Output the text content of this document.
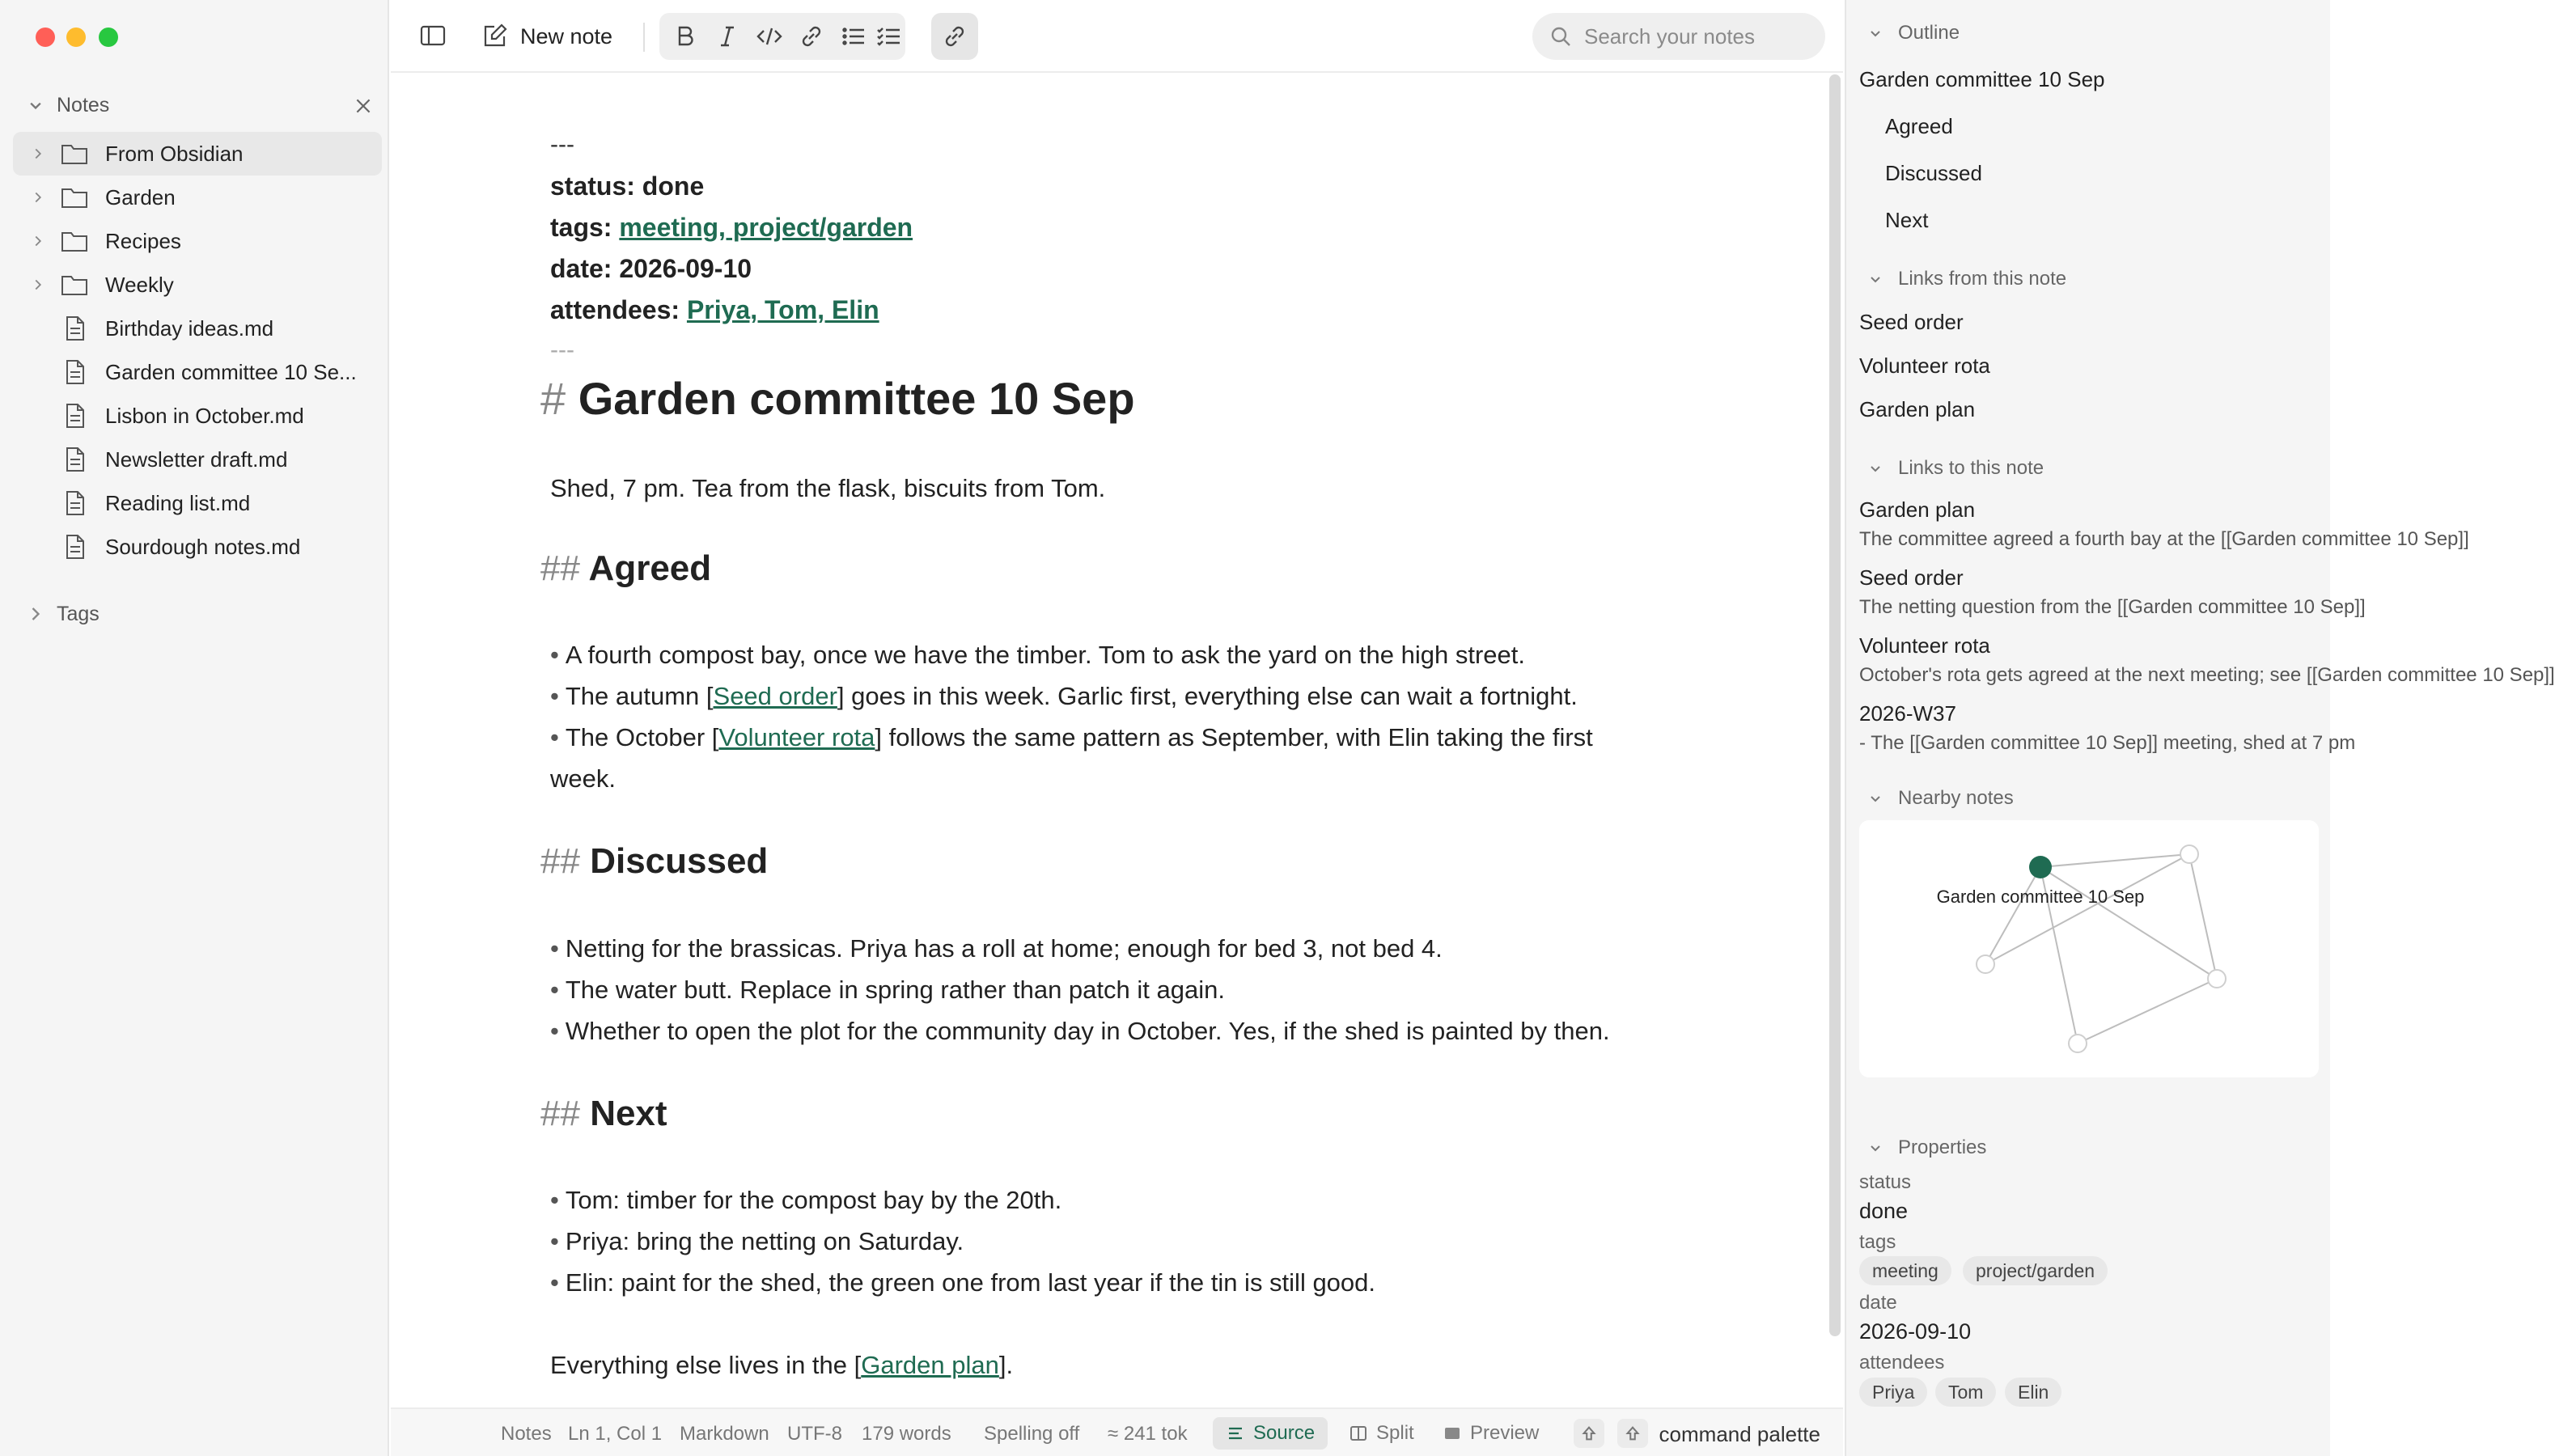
Notes
From Obsidian
Garden
Recipes
Weekly
Birthday ideas.md
Garden committee 10 Se...
Lisbon in October.md
Newsletter draft.md
Reading list.md
Sourdough notes.md
Tags
New note
Search your notes
---
status: done
tags: meeting, project/garden
date: 2026-09-10
attendees: Priya, Tom, Elin
---
# Garden committee 10 Sep
Shed, 7 pm. Tea from the flask, biscuits from Tom.
## Agreed
• A fourth compost bay, once we have the timber. Tom to ask the yard on the high street.
• The autumn [Seed order] goes in this week. Garlic first, everything else can wait a fortnight.
• The October [Volunteer rota] follows the same pattern as September, with Elin taking the first
week.
## Discussed
• Netting for the brassicas. Priya has a roll at home; enough for bed 3, not bed 4.
• The water butt. Replace in spring rather than patch it again.
• Whether to open the plot for the community day in October. Yes, if the shed is painted by then.
## Next
• Tom: timber for the compost bay by the 20th.
• Priya: bring the netting on Saturday.
• Elin: paint for the shed, the green one from last year if the tin is still good.
Everything else lives in the [Garden plan].
Notes Ln 1, Col 1 Markdown UTF-8 179 words Spelling off ≈ 241 tok	Source	Split	Preview	command palette
Outline
Garden committee 10 Sep
Agreed
Discussed
Next
Links from this note
Seed order
Volunteer rota
Garden plan
Links to this note
Garden plan
The committee agreed a fourth bay at the [[Garden committee 10 Sep]]
Seed order
The netting question from the [[Garden committee 10 Sep]]
Volunteer rota
October's rota gets agreed at the next meeting; see [[Garden committee 10 Sep]]
2026-W37
- The [[Garden committee 10 Sep]] meeting, shed at 7 pm
Nearby notes
Garden committee 10 Sep
Properties
status
done
tags
meeting	project/garden
date
2026-09-10
attendees
Priya	Tom	Elin
